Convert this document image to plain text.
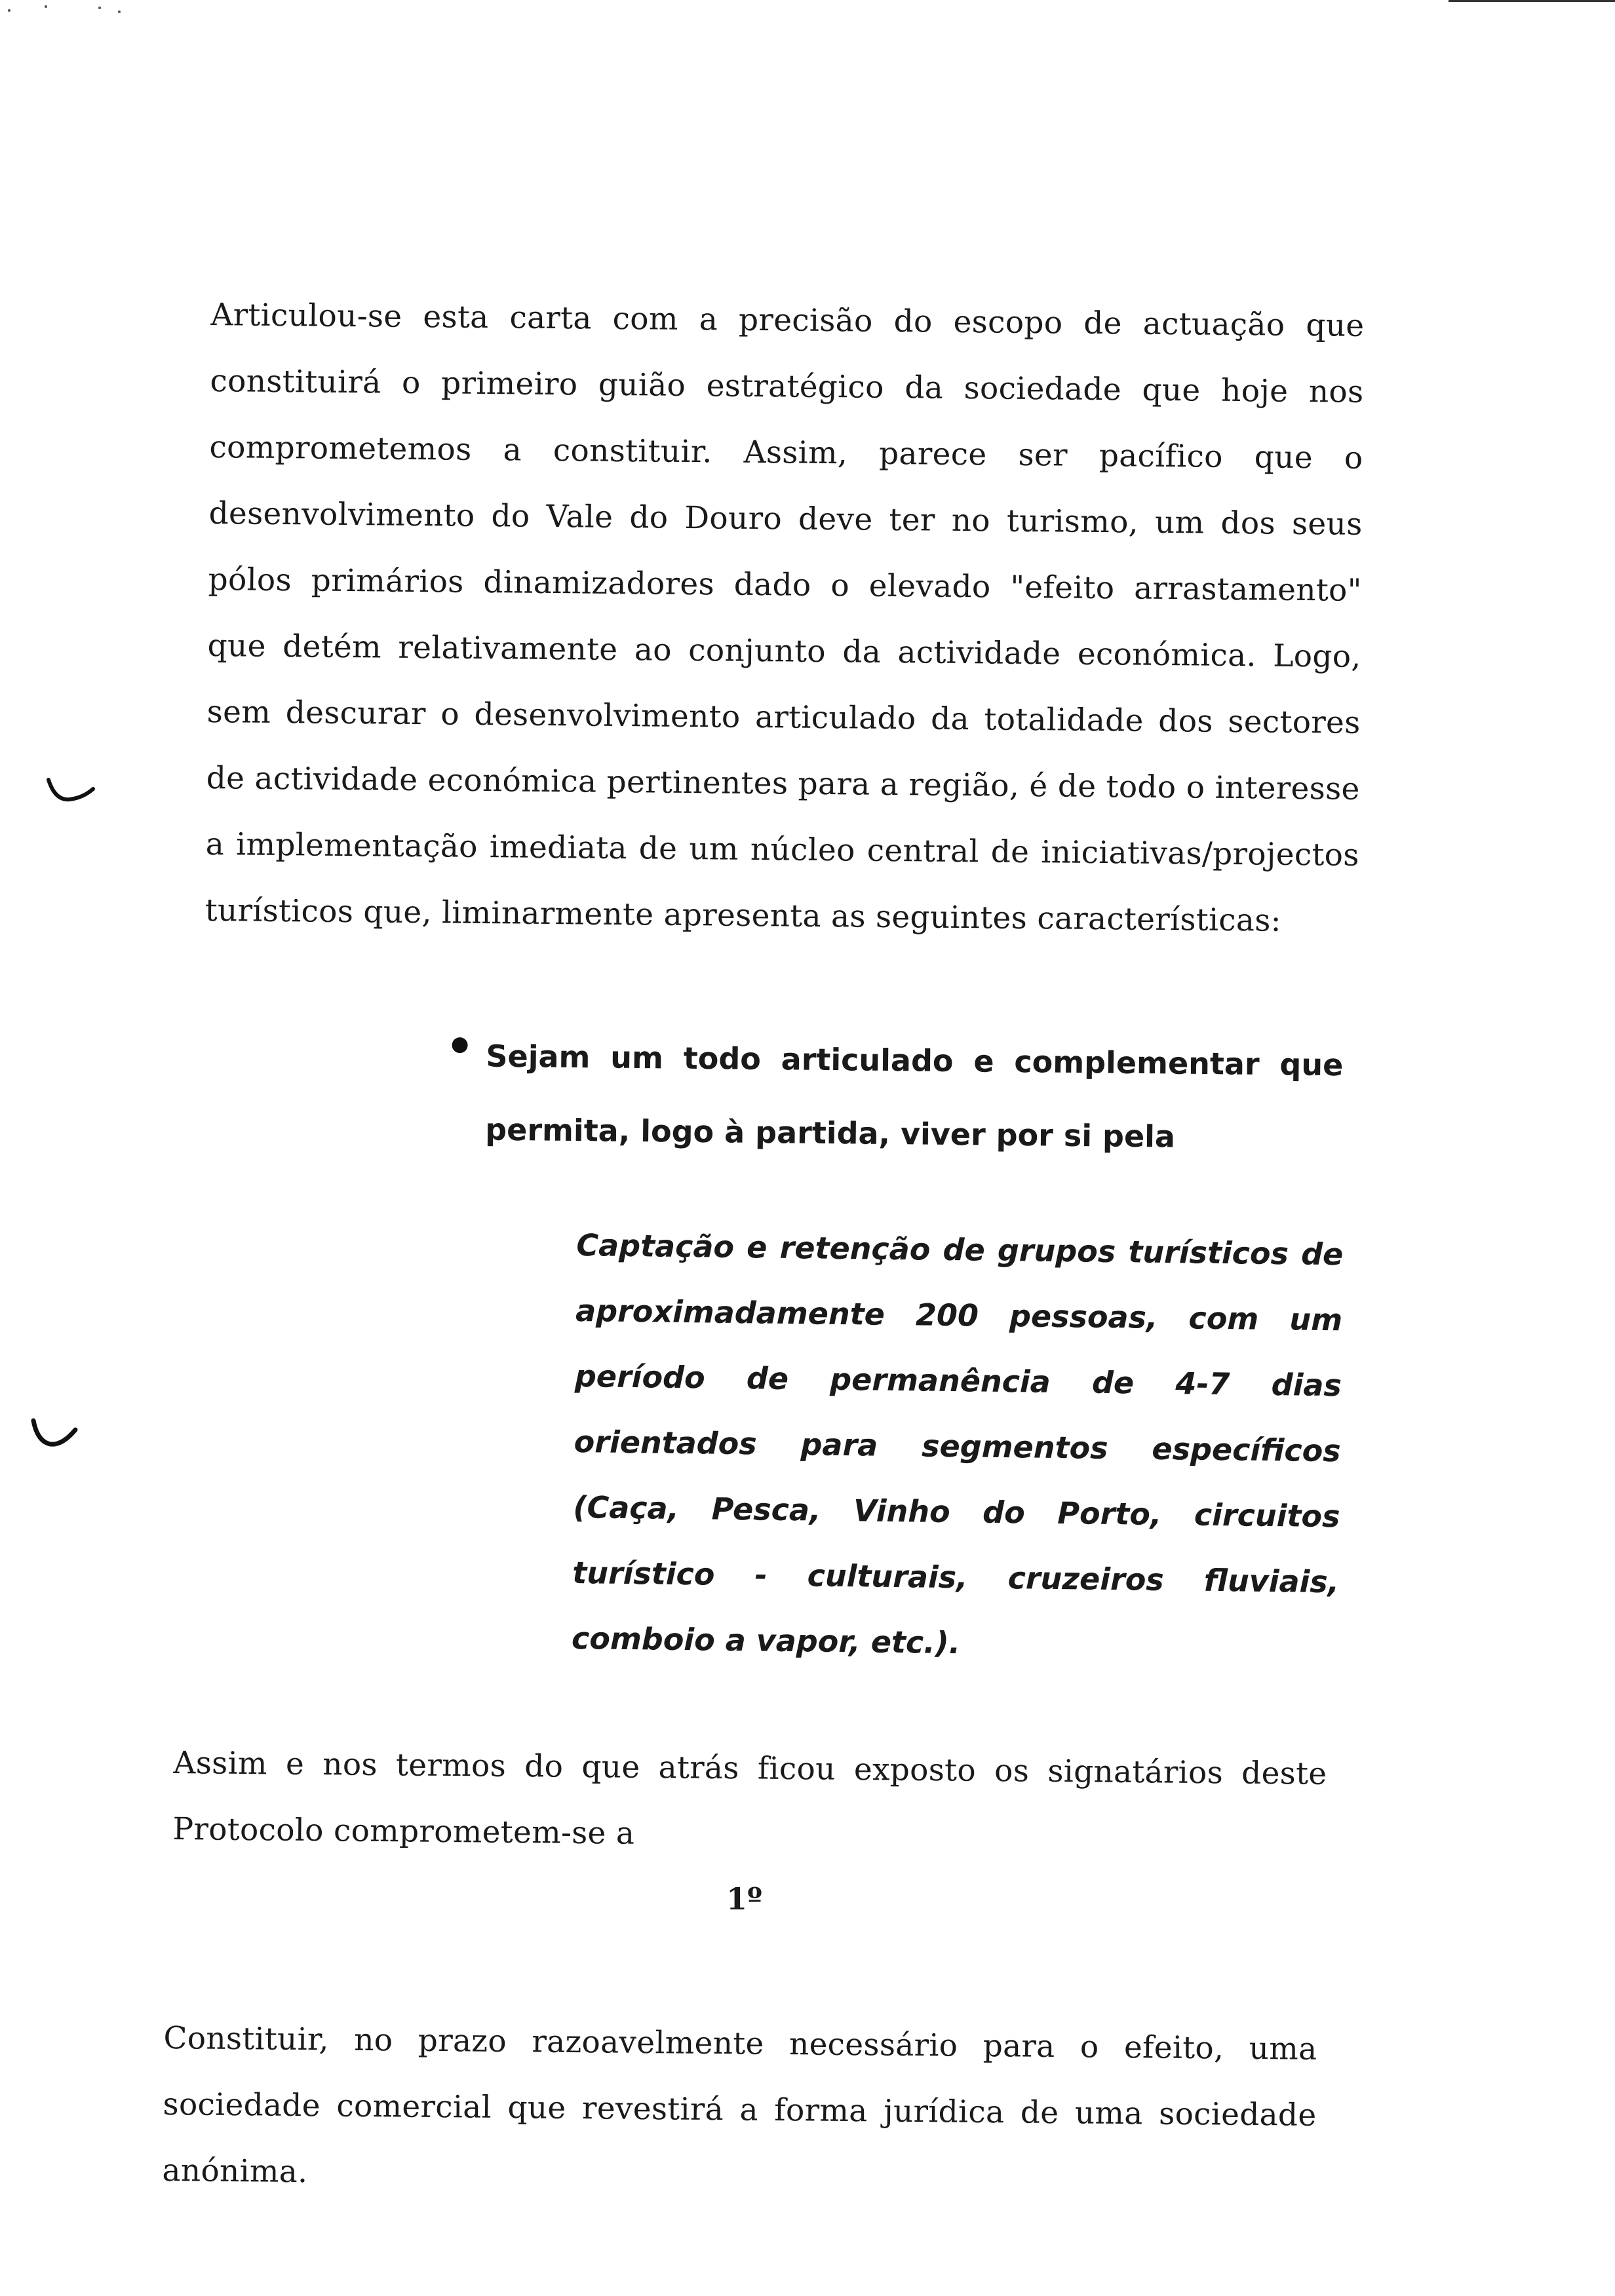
Articulou-se esta carta com a precisão do escopo de actuação que constituirá o primeiro guião estratégico da sociedade que hoje nos comprometemos a constituir. Assim, parece ser pacífico que o desenvolvimento do Vale do Douro deve ter no turismo, um dos seus pólos primários dinamizadores dado o elevado "efeito arrastamento" que detém relativamente ao conjunto da actividade económica. Logo, sem descurar o desenvolvimento articulado da totalidade dos sectores de actividade económica pertinentes para a região, é de todo o interesse a implementação imediata de um núcleo central de iniciativas/projectos turísticos que, liminarmente apresenta as seguintes características:

Sejam um todo articulado e complementar que permita, logo à partida, viver por si pela

Captação e retenção de grupos turísticos de aproximadamente 200 pessoas, com um período de permanência de 4-7 dias orientados para segmentos específicos (Caça, Pesca, Vinho do Porto, circuitos turístico - culturais, cruzeiros fluviais, comboio a vapor, etc.).

Assim e nos termos do que atrás ficou exposto os signatários deste Protocolo comprometem-se a

1º

Constituir, no prazo razoavelmente necessário para o efeito, uma sociedade comercial que revestirá a forma jurídica de uma sociedade anónima.
